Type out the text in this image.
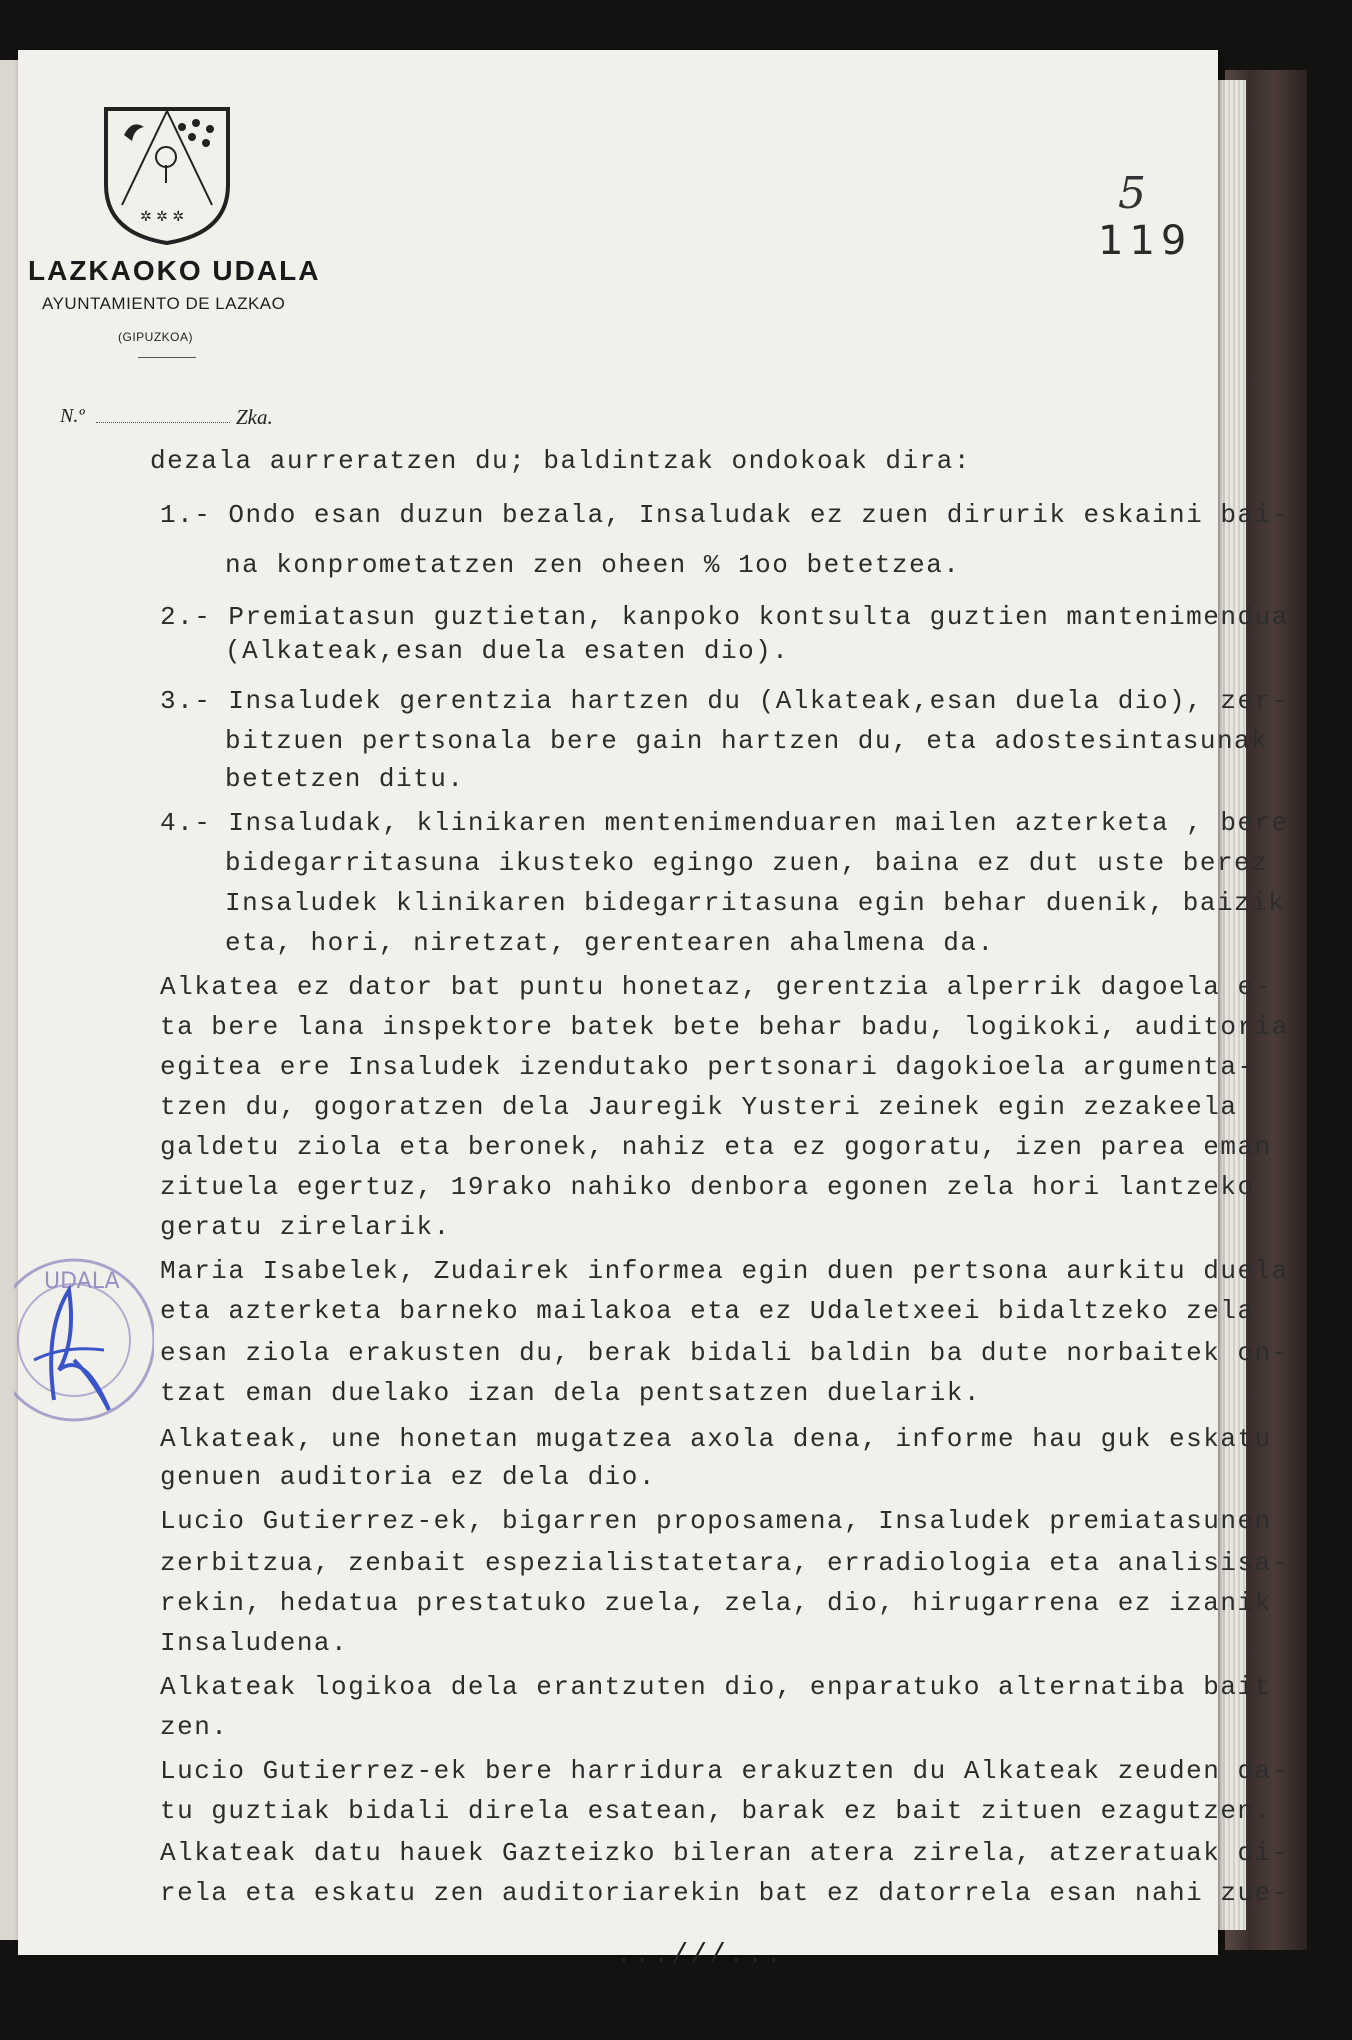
✲ ✲ ✲
LAZKAOKO UDALA
AYUNTAMIENTO DE LAZKAO
(GIPUZKOA)
N.º	Zka.
5
119
UDALA
dezala aurreratzen du; baldintzak ondokoak dira:
1.- Ondo esan duzun bezala, Insaludak ez zuen dirurik eskaini bai-
na konprometatzen zen oheen % 1oo betetzea.
2.- Premiatasun guztietan, kanpoko kontsulta guztien mantenimendua
(Alkateak,esan duela esaten dio).
3.- Insaludek gerentzia hartzen du (Alkateak,esan duela dio), zer-
bitzuen pertsonala bere gain hartzen du, eta adostesintasunak
betetzen ditu.
4.- Insaludak, klinikaren mentenimenduaren mailen azterketa , bere
bidegarritasuna ikusteko egingo zuen, baina ez dut uste berez
Insaludek klinikaren bidegarritasuna egin behar duenik, baizik
eta, hori, niretzat, gerentearen ahalmena da.
Alkatea ez dator bat puntu honetaz, gerentzia alperrik dagoela e-
ta bere lana inspektore batek bete behar badu, logikoki, auditoria
egitea ere Insaludek izendutako pertsonari dagokioela argumenta-
tzen du, gogoratzen dela Jauregik Yusteri zeinek egin zezakeela
galdetu ziola eta beronek, nahiz eta ez gogoratu, izen parea eman
zituela egertuz, 19rako nahiko denbora egonen zela hori lantzeko
geratu zirelarik.
Maria Isabelek, Zudairek informea egin duen pertsona aurkitu duela
eta azterketa barneko mailakoa eta ez Udaletxeei bidaltzeko zela
esan ziola erakusten du, berak bidali baldin ba dute norbaitek on-
tzat eman duelako izan dela pentsatzen duelarik.
Alkateak, une honetan mugatzea axola dena, informe hau guk eskatu
genuen auditoria ez dela dio.
Lucio Gutierrez-ek, bigarren proposamena, Insaludek premiatasunen
zerbitzua, zenbait espezialistatetara, erradiologia eta analisisa-
rekin, hedatua prestatuko zuela, zela, dio, hirugarrena ez izanik
Insaludena.
Alkateak logikoa dela erantzuten dio, enparatuko alternatiba bait
zen.
Lucio Gutierrez-ek bere harridura erakuzten du Alkateak zeuden da-
tu guztiak bidali direla esatean, barak ez bait zituen ezagutzen.
Alkateak datu hauek Gazteizko bileran atera zirela, atzeratuak di-
rela eta eskatu zen auditoriarekin bat ez datorrela esan nahi zue-
...///...
